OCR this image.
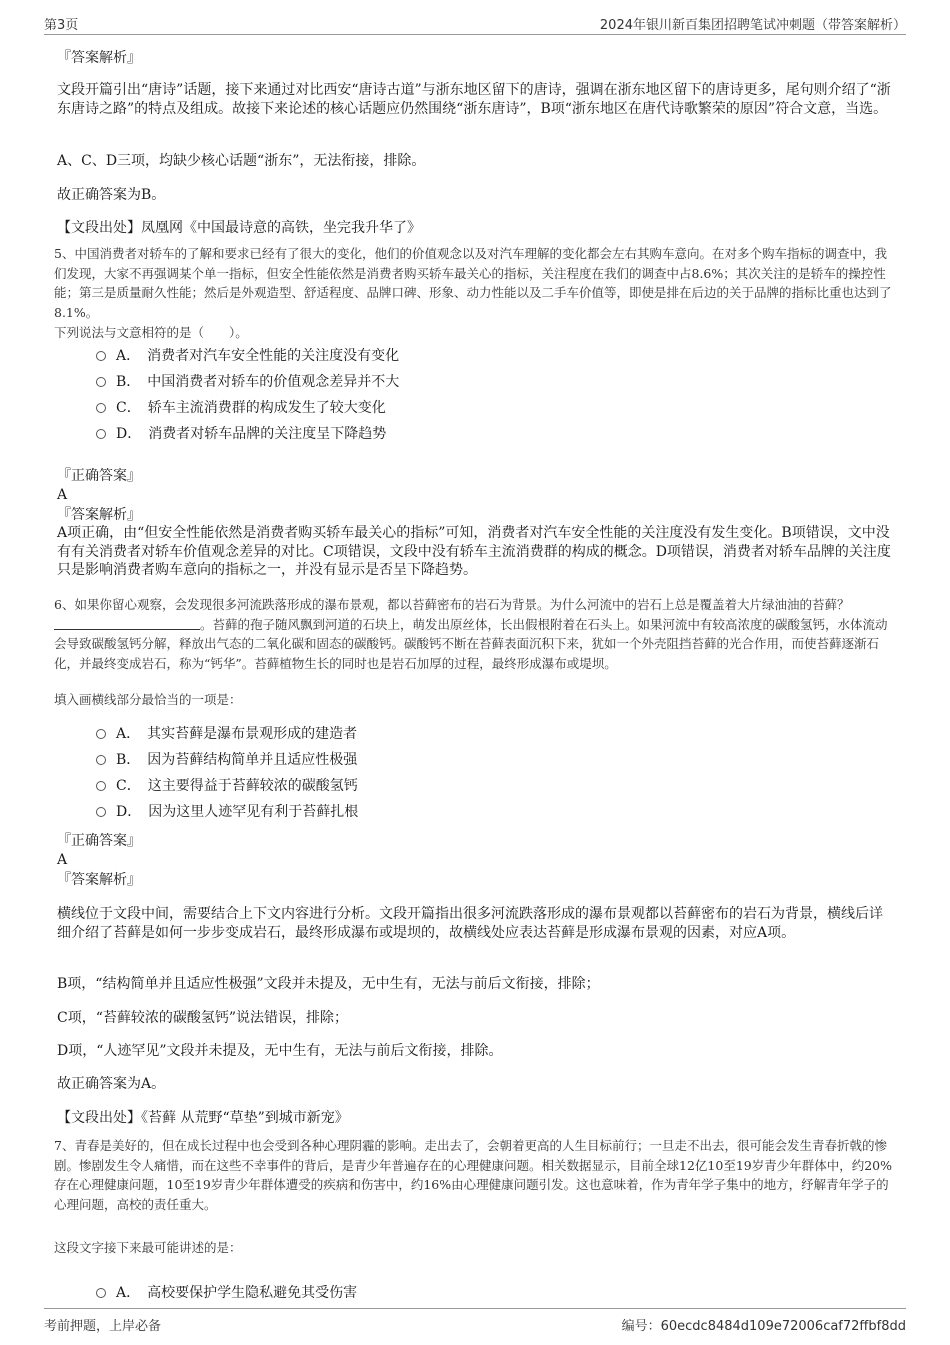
第3页	2024年银川新百集团招聘笔试冲刺题（带答案解析）
『答案解析』
文段开篇引出“唐诗”话题，接下来通过对比西安“唐诗古道”与浙东地区留下的唐诗，强调在浙东地区留下的唐诗更多，尾句则介绍了“浙东唐诗之路”的特点及组成。故接下来论述的核心话题应仍然围绕“浙东唐诗”，B项“浙东地区在唐代诗歌繁荣的原因”符合文意，当选。
A、C、D三项，均缺少核心话题“浙东”，无法衔接，排除。
故正确答案为B。
【文段出处】凤凰网《中国最诗意的高铁，坐完我升华了》
5、中国消费者对轿车的了解和要求已经有了很大的变化，他们的价值观念以及对汽车理解的变化都会左右其购车意向。在对多个购车指标的调查中，我们发现，大家不再强调某个单一指标，但安全性能依然是消费者购买轿车最关心的指标，关注程度在我们的调查中占8.6%；其次关注的是轿车的操控性能；第三是质量耐久性能；然后是外观造型、舒适程度、品牌口碑、形象、动力性能以及二手车价值等，即使是排在后边的关于品牌的指标比重也达到了8.1%。
下列说法与文意相符的是（　　）。
A．　消费者对汽车安全性能的关注度没有变化
B．　中国消费者对轿车的价值观念差异并不大
C．　轿车主流消费群的构成发生了较大变化
D．　消费者对轿车品牌的关注度呈下降趋势
『正确答案』
A
『答案解析』
A项正确，由“但安全性能依然是消费者购买轿车最关心的指标”可知，消费者对汽车安全性能的关注度没有发生变化。B项错误，文中没有有关消费者对轿车价值观念差异的对比。C项错误，文段中没有轿车主流消费群的构成的概念。D项错误，消费者对轿车品牌的关注度只是影响消费者购车意向的指标之一，并没有显示是否呈下降趋势。
6、如果你留心观察，会发现很多河流跌落形成的瀑布景观，都以苔藓密布的岩石为背景。为什么河流中的岩石上总是覆盖着大片绿油油的苔藓？。苔藓的孢子随风飘到河道的石块上，萌发出原丝体，长出假根附着在石头上。如果河流中有较高浓度的碳酸氢钙，水体流动会导致碳酸氢钙分解，释放出气态的二氧化碳和固态的碳酸钙。碳酸钙不断在苔藓表面沉积下来，犹如一个外壳阻挡苔藓的光合作用，而使苔藓逐渐石化，并最终变成岩石，称为“钙华”。苔藓植物生长的同时也是岩石加厚的过程，最终形成瀑布或堤坝。
填入画横线部分最恰当的一项是：
A．　其实苔藓是瀑布景观形成的建造者
B．　因为苔藓结构简单并且适应性极强
C．　这主要得益于苔藓较浓的碳酸氢钙
D．　因为这里人迹罕见有利于苔藓扎根
『正确答案』
A
『答案解析』
横线位于文段中间，需要结合上下文内容进行分析。文段开篇指出很多河流跌落形成的瀑布景观都以苔藓密布的岩石为背景，横线后详细介绍了苔藓是如何一步步变成岩石，最终形成瀑布或堤坝的，故横线处应表达苔藓是形成瀑布景观的因素，对应A项。
B项，“结构简单并且适应性极强”文段并未提及，无中生有，无法与前后文衔接，排除；
C项，“苔藓较浓的碳酸氢钙”说法错误，排除；
D项，“人迹罕见”文段并未提及，无中生有，无法与前后文衔接，排除。
故正确答案为A。
【文段出处】《苔藓 从荒野“草垫”到城市新宠》
7、青春是美好的，但在成长过程中也会受到各种心理阴霾的影响。走出去了，会朝着更高的人生目标前行；一旦走不出去，很可能会发生青春折戟的惨剧。惨剧发生令人痛惜，而在这些不幸事件的背后，是青少年普遍存在的心理健康问题。相关数据显示，目前全球12亿10至19岁青少年群体中，约20%存在心理健康问题，10至19岁青少年群体遭受的疾病和伤害中，约16%由心理健康问题引发。这也意味着，作为青年学子集中的地方，纾解青年学子的心理问题，高校的责任重大。
这段文字接下来最可能讲述的是：
A．　高校要保护学生隐私避免其受伤害
考前押题，上岸必备	编号：60ecdc8484d109e72006caf72ffbf8dd
